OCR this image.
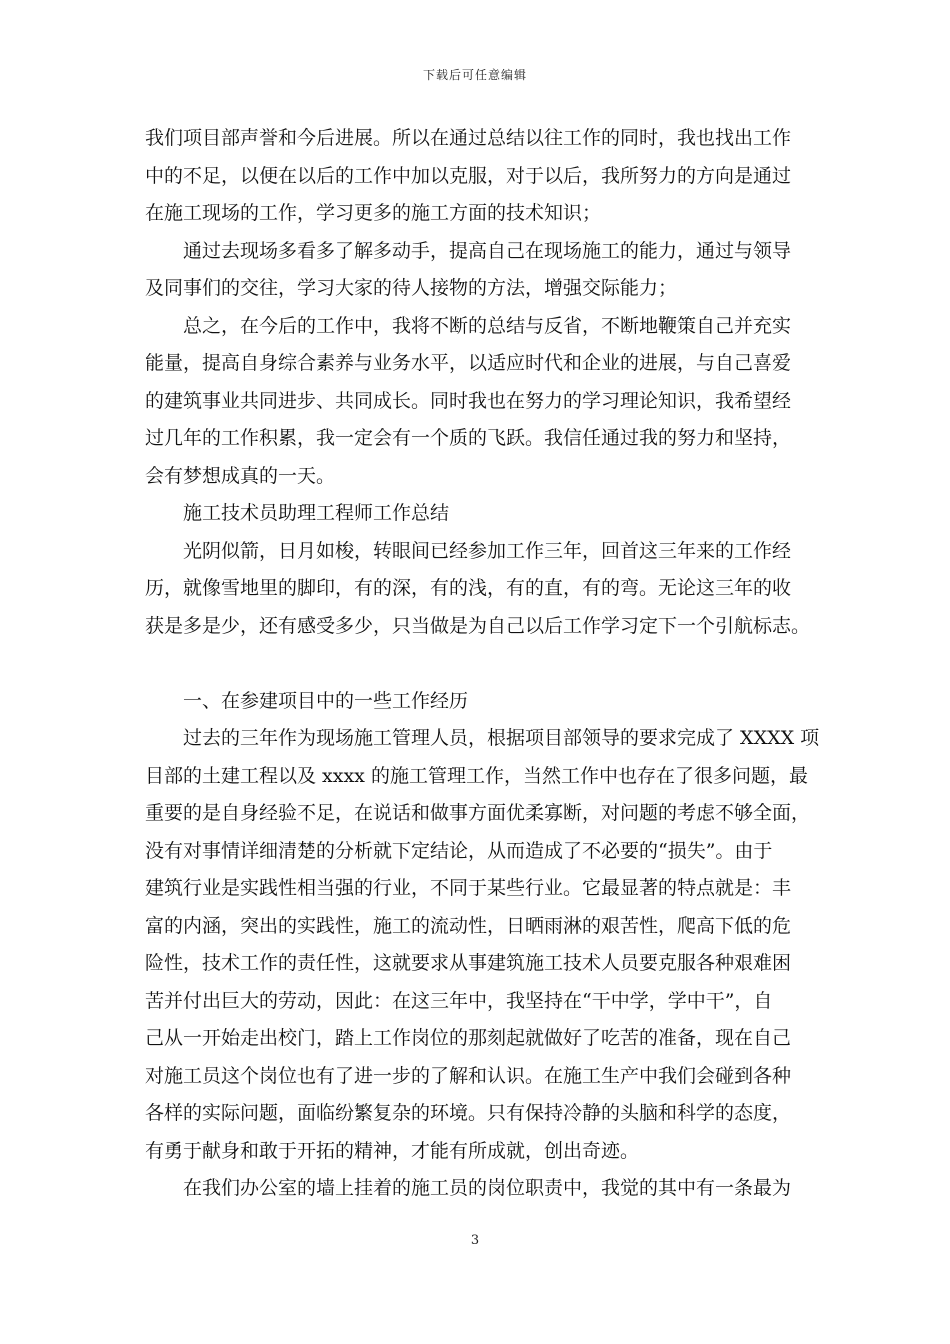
下载后可任意编辑
我们项目部声誉和今后进展。所以在通过总结以往工作的同时，我也找出工作
中的不足，以便在以后的工作中加以克服，对于以后，我所努力的方向是通过
在施工现场的工作，学习更多的施工方面的技术知识；
通过去现场多看多了解多动手，提高自己在现场施工的能力，通过与领导
及同事们的交往，学习大家的待人接物的方法，增强交际能力；
总之，在今后的工作中，我将不断的总结与反省，不断地鞭策自己并充实
能量，提高自身综合素养与业务水平，以适应时代和企业的进展，与自己喜爱
的建筑事业共同进步、共同成长。同时我也在努力的学习理论知识，我希望经
过几年的工作积累，我一定会有一个质的飞跃。我信任通过我的努力和坚持，
会有梦想成真的一天。
施工技术员助理工程师工作总结
光阴似箭，日月如梭，转眼间已经参加工作三年，回首这三年来的工作经
历，就像雪地里的脚印，有的深，有的浅，有的直，有的弯。无论这三年的收
获是多是少，还有感受多少，只当做是为自己以后工作学习定下一个引航标志。
一、在参建项目中的一些工作经历
过去的三年作为现场施工管理人员，根据项目部领导的要求完成了 XXXX 项
目部的土建工程以及 xxxx 的施工管理工作，当然工作中也存在了很多问题，最
重要的是自身经验不足，在说话和做事方面优柔寡断，对问题的考虑不够全面，
没有对事情详细清楚的分析就下定结论，从而造成了不必要的“损失”。由于
建筑行业是实践性相当强的行业，不同于某些行业。它最显著的特点就是：丰
富的内涵，突出的实践性，施工的流动性，日晒雨淋的艰苦性，爬高下低的危
险性，技术工作的责任性，这就要求从事建筑施工技术人员要克服各种艰难困
苦并付出巨大的劳动，因此：在这三年中，我坚持在“干中学，学中干”，自
己从一开始走出校门，踏上工作岗位的那刻起就做好了吃苦的准备，现在自己
对施工员这个岗位也有了进一步的了解和认识。在施工生产中我们会碰到各种
各样的实际问题，面临纷繁复杂的环境。只有保持冷静的头脑和科学的态度，
有勇于献身和敢于开拓的精神，才能有所成就，创出奇迹。
在我们办公室的墙上挂着的施工员的岗位职责中，我觉的其中有一条最为
3
